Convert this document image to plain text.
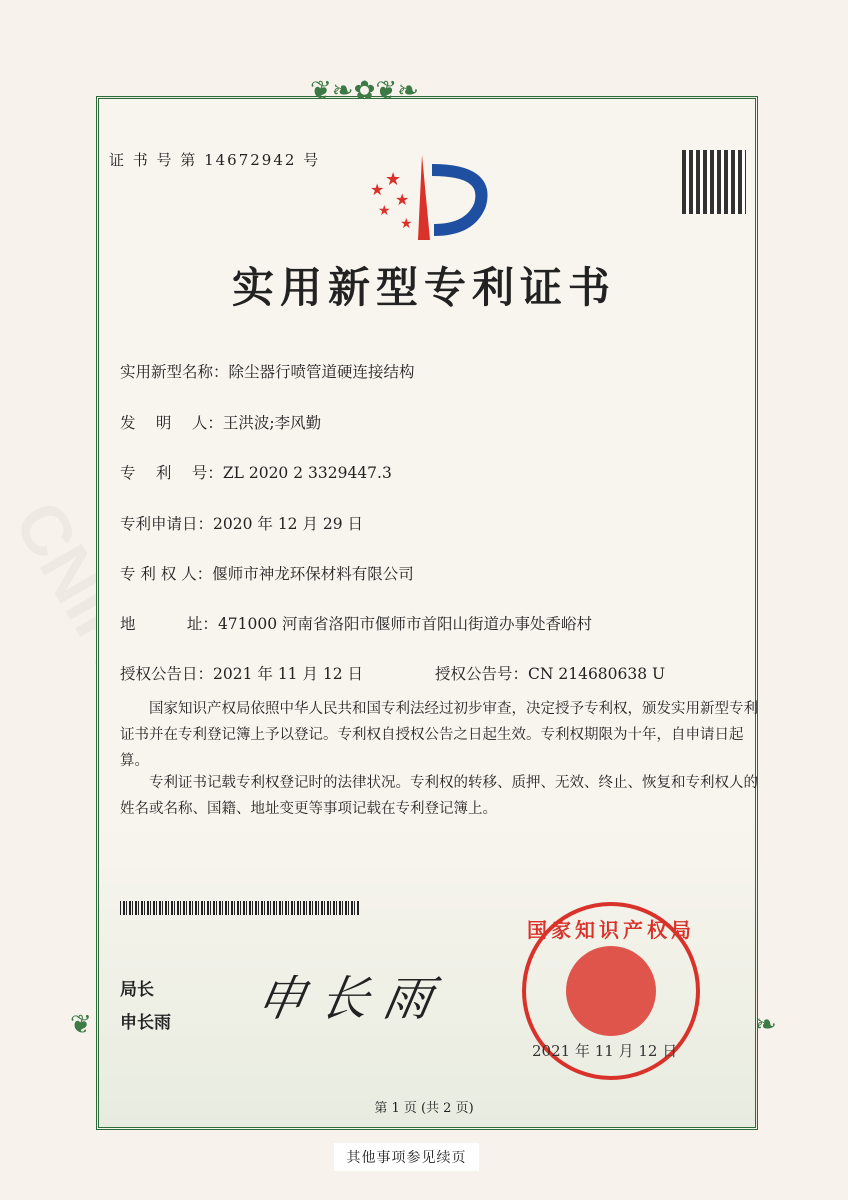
❦❧✿❦❧
❦	❧
证 书 号 第 14672942 号
★ ★
★
★
★
实用新型专利证书
实用新型名称：除尘器行喷管道硬连接结构
发　 明　 人：王洪波;李风勤
专　 利　 号：ZL 2020 2 3329447.3
专利申请日：2020 年 12 月 29 日
专 利 权 人：偃师市神龙环保材料有限公司
地　　　 址：471000 河南省洛阳市偃师市首阳山街道办事处香峪村
授权公告日：2021 年 11 月 12 日	授权公告号：CN 214680638 U
国家知识产权局依照中华人民共和国专利法经过初步审查，决定授予专利权，颁发实用新型专利证书并在专利登记簿上予以登记。专利权自授权公告之日起生效。专利权期限为十年，自申请日起算。
专利证书记载专利权登记时的法律状况。专利权的转移、质押、无效、终止、恢复和专利权人的姓名或名称、国籍、地址变更等事项记载在专利登记簿上。
局长
申长雨 申 长 雨
国家知识产权局
2021 年 11 月 12 日
第 1 页 (共 2 页)
其他事项参见续页
